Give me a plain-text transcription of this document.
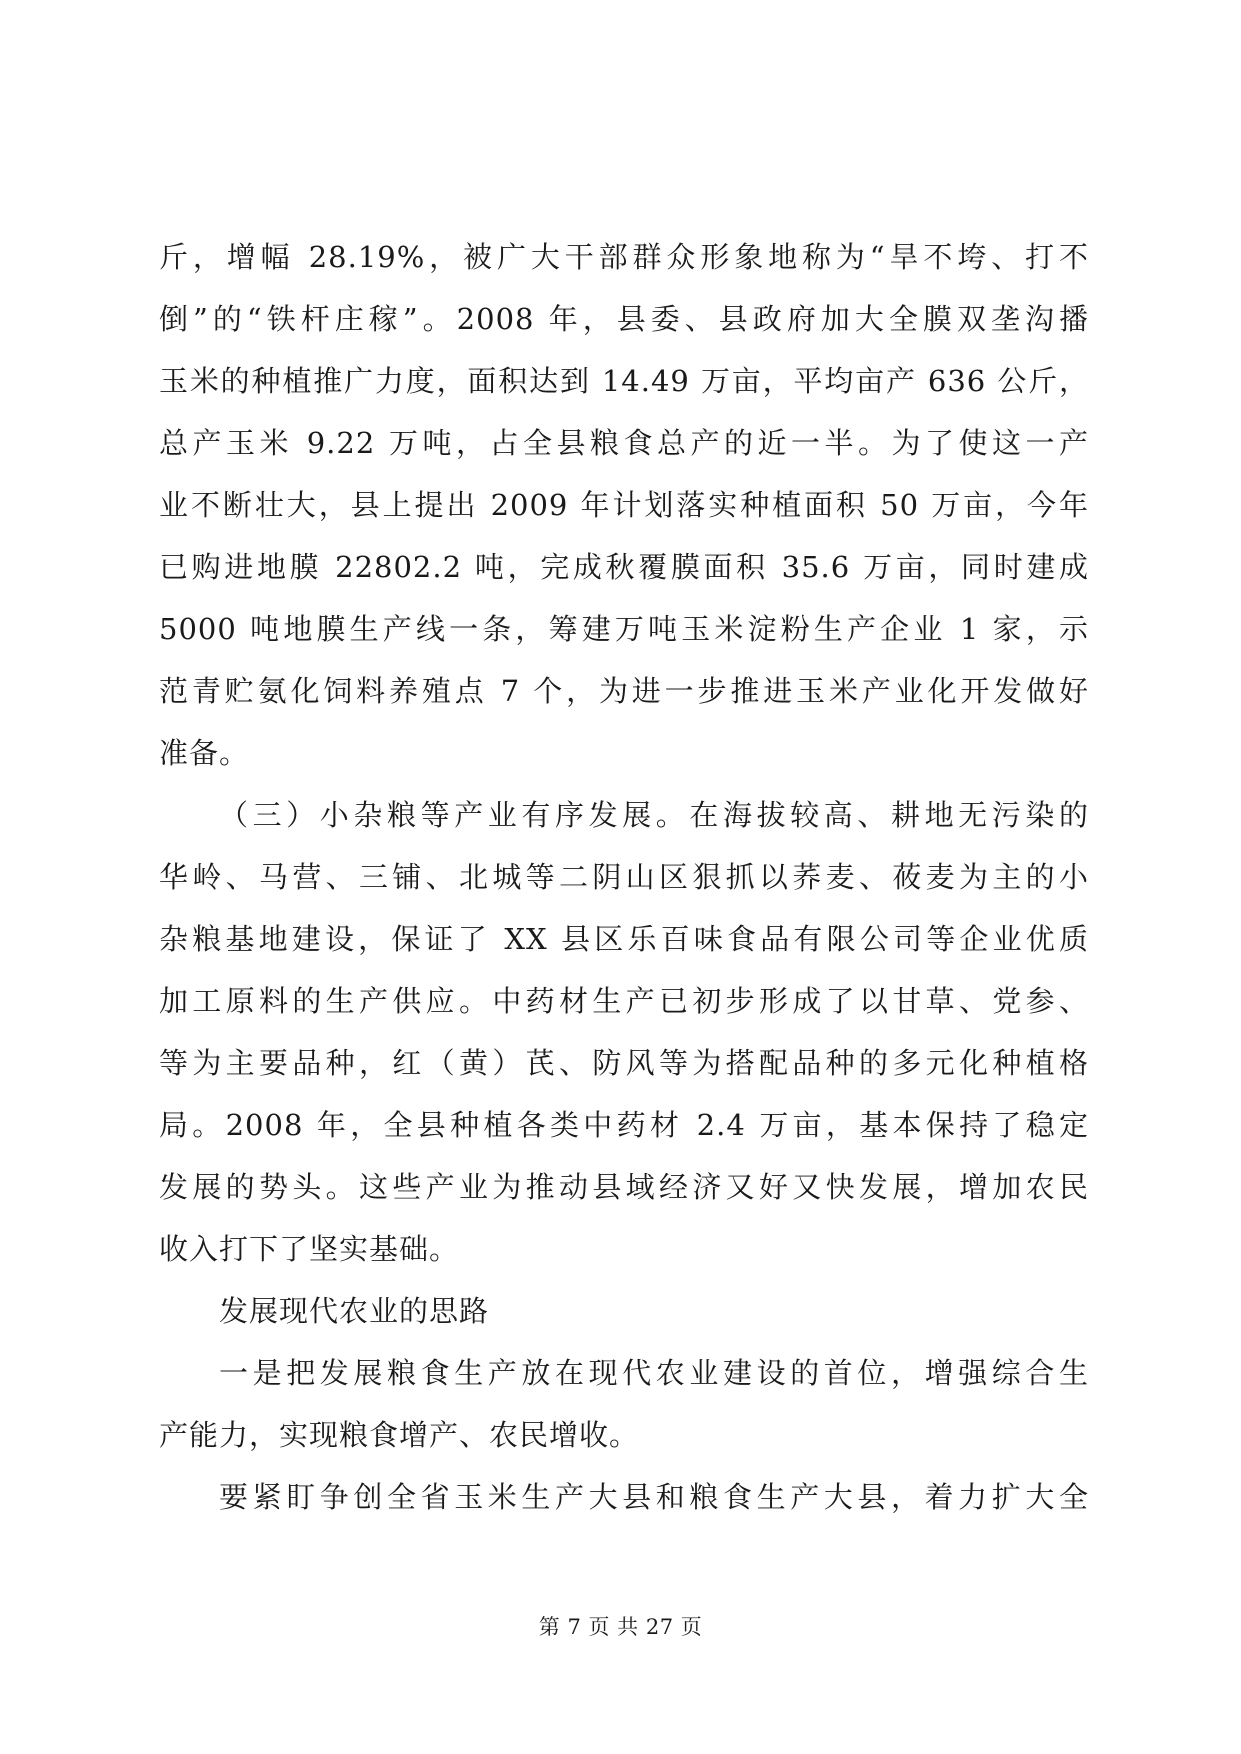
斤，增幅 28.19%，被广大干部群众形象地称为“旱不垮、打不
倒”的“铁杆庄稼”。2008 年，县委、县政府加大全膜双垄沟播
玉米的种植推广力度，面积达到 14.49 万亩，平均亩产 636 公斤，
总产玉米 9.22 万吨，占全县粮食总产的近一半。为了使这一产
业不断壮大，县上提出 2009 年计划落实种植面积 50 万亩，今年
已购进地膜 22802.2 吨，完成秋覆膜面积 35.6 万亩，同时建成
5000 吨地膜生产线一条，筹建万吨玉米淀粉生产企业 1 家，示
范青贮氨化饲料养殖点 7 个，为进一步推进玉米产业化开发做好
准备。
（三）小杂粮等产业有序发展。在海拔较高、耕地无污染的
华岭、马营、三铺、北城等二阴山区狠抓以荞麦、莜麦为主的小
杂粮基地建设，保证了 XX 县区乐百味食品有限公司等企业优质
加工原料的生产供应。中药材生产已初步形成了以甘草、党参、
等为主要品种，红（黄）芪、防风等为搭配品种的多元化种植格
局。2008 年，全县种植各类中药材 2.4 万亩，基本保持了稳定
发展的势头。这些产业为推动县域经济又好又快发展，增加农民
收入打下了坚实基础。
发展现代农业的思路
一是把发展粮食生产放在现代农业建设的首位，增强综合生
产能力，实现粮食增产、农民增收。
要紧盯争创全省玉米生产大县和粮食生产大县，着力扩大全
第 7 页 共 27 页
